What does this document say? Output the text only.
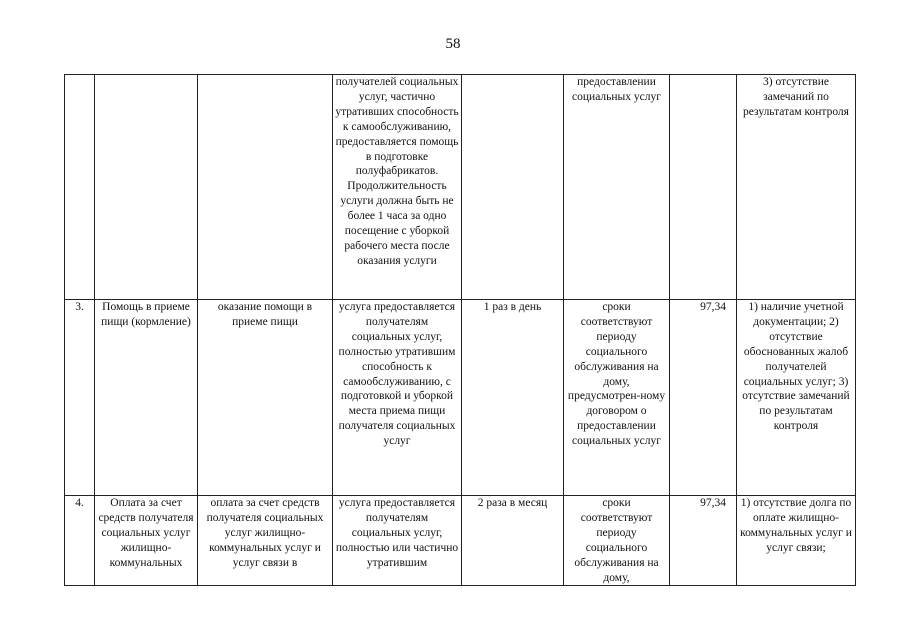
58
			получателей социальных услуг, частично утративших способность к самообслуживанию, предоставляется помощь в подготовке полуфабрикатов. Продолжительность услуги должна быть не более 1 часа за одно посещение с уборкой рабочего места после оказания услуги		предоставлении социальных услуг		3) отсутствие замечаний по результатам контроля
3.	Помощь в приеме пищи (кормление)	оказание помощи в приеме пищи	услуга предоставляется получателям социальных услуг, полностью утратившим способность к самообслуживанию, с подготовкой и уборкой места приема пищи получателя социальных услуг	1 раз в день	сроки соответствуют периоду социального обслуживания на дому, предусмотрен-ному договором о предоставлении социальных услуг	97,34	1) наличие учетной документации; 2) отсутствие обоснованных жалоб получателей социальных услуг; 3) отсутствие замечаний по результатам контроля
4.	Оплата за счет средств получателя социальных услуг жилищно-коммунальных	оплата за счет средств получателя социальных услуг жилищно-коммунальных услуг и услуг связи в	услуга предоставляется получателям социальных услуг, полностью или частично утратившим	2 раза в месяц	сроки соответствуют периоду социального обслуживания на дому,	97,34	1) отсутствие долга по оплате жилищно-коммунальных услуг и услуг связи;
